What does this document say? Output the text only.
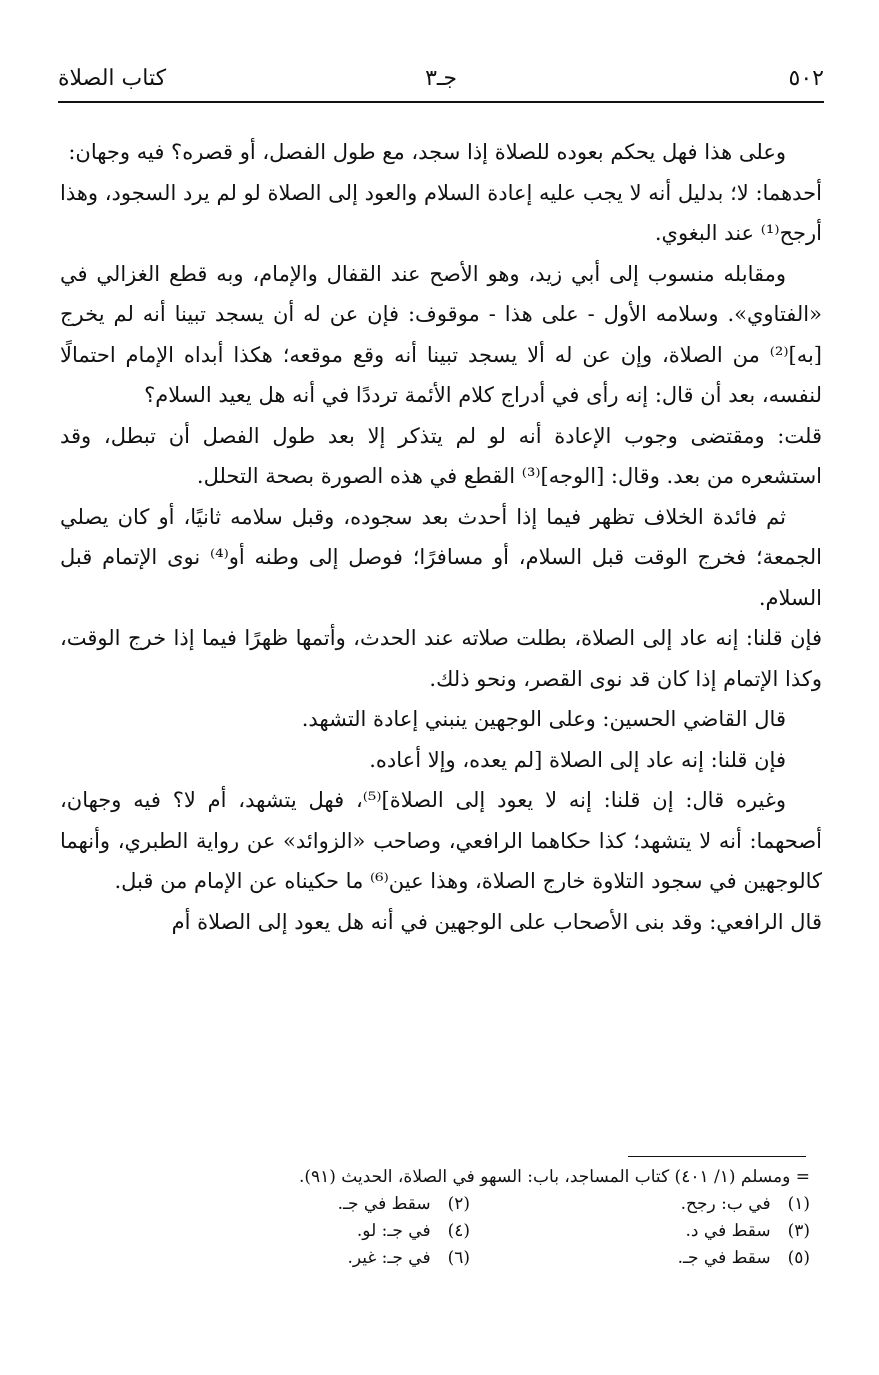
٥٠٢
جـ٣
كتاب الصلاة

وعلى هذا فهل يحكم بعوده للصلاة إذا سجد، مع طول الفصل، أو قصره؟ فيه وجهان:

أحدهما: لا؛ بدليل أنه لا يجب عليه إعادة السلام والعود إلى الصلاة لو لم يرد السجود، وهذا أرجح⁽¹⁾ عند البغوي.

ومقابله منسوب إلى أبي زيد، وهو الأصح عند القفال والإمام، وبه قطع الغزالي في «الفتاوي». وسلامه الأول - على هذا - موقوف: فإن عن له أن يسجد تبينا أنه لم يخرج [به]⁽²⁾ من الصلاة، وإن عن له ألا يسجد تبينا أنه وقع موقعه؛ هكذا أبداه الإمام احتمالًا لنفسه، بعد أن قال: إنه رأى في أدراج كلام الأئمة ترددًا في أنه هل يعيد السلام؟

قلت: ومقتضى وجوب الإعادة أنه لو لم يتذكر إلا بعد طول الفصل أن تبطل، وقد استشعره من بعد. وقال: [الوجه]⁽³⁾ القطع في هذه الصورة بصحة التحلل.

ثم فائدة الخلاف تظهر فيما إذا أحدث بعد سجوده، وقبل سلامه ثانيًا، أو كان يصلي الجمعة؛ فخرج الوقت قبل السلام، أو مسافرًا؛ فوصل إلى وطنه أو⁽⁴⁾ نوى الإتمام قبل السلام.

فإن قلنا: إنه عاد إلى الصلاة، بطلت صلاته عند الحدث، وأتمها ظهرًا فيما إذا خرج الوقت، وكذا الإتمام إذا كان قد نوى القصر، ونحو ذلك.

قال القاضي الحسين: وعلى الوجهين ينبني إعادة التشهد.

فإن قلنا: إنه عاد إلى الصلاة [لم يعده، وإلا أعاده.

وغيره قال: إن قلنا: إنه لا يعود إلى الصلاة]⁽⁵⁾، فهل يتشهد، أم لا؟ فيه وجهان، أصحهما: أنه لا يتشهد؛ كذا حكاهما الرافعي، وصاحب «الزوائد» عن رواية الطبري، وأنهما كالوجهين في سجود التلاوة خارج الصلاة، وهذا عين⁽⁶⁾ ما حكيناه عن الإمام من قبل.

قال الرافعي: وقد بنى الأصحاب على الوجهين في أنه هل يعود إلى الصلاة أم

= ومسلم (١/ ٤٠١) كتاب المساجد، باب: السهو في الصلاة، الحديث (٩١).

(١) في ب: رجح.
(٢) سقط في جـ.
(٣) سقط في د.
(٤) في جـ: لو.
(٥) سقط في جـ.
(٦) في جـ: غير.
